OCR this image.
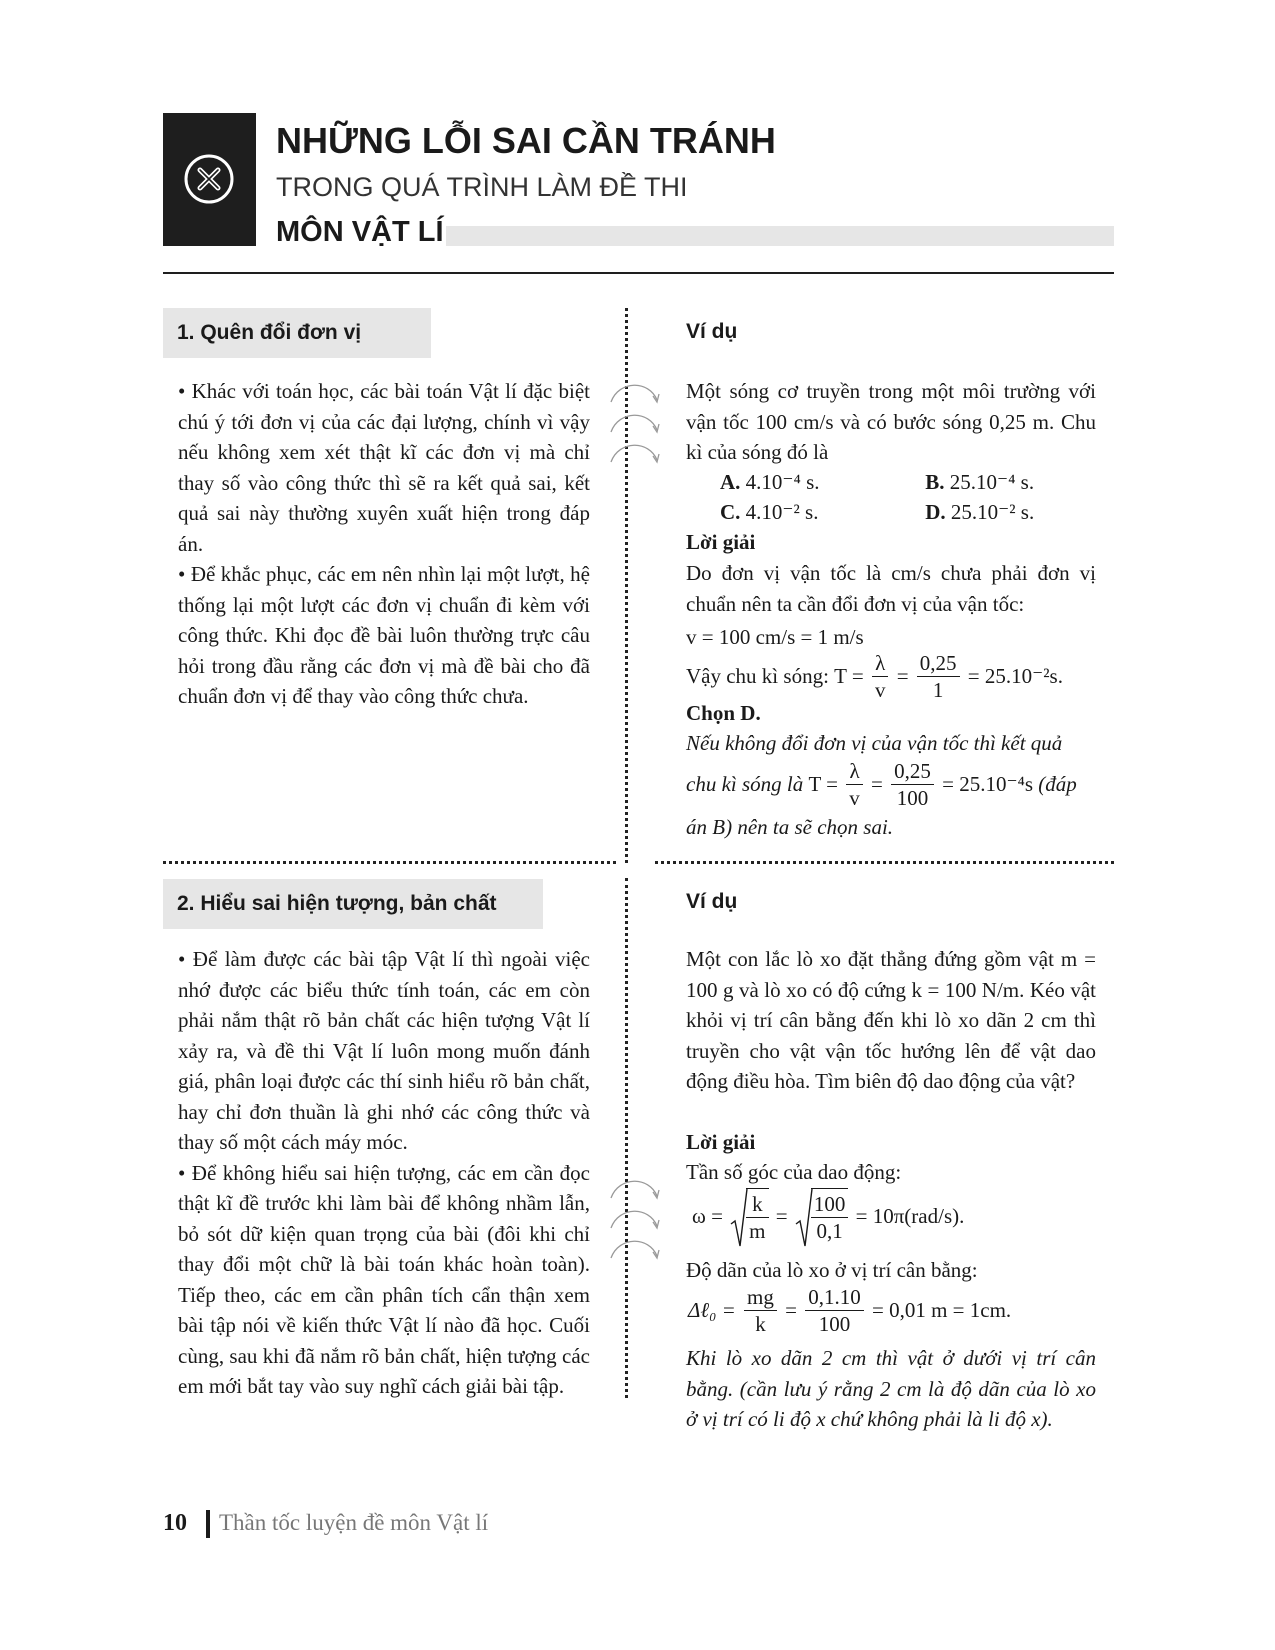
NHỮNG LỖI SAI CẦN TRÁNH
TRONG QUÁ TRÌNH LÀM ĐỀ THI
MÔN VẬT LÍ
1. Quên đổi đơn vị

• Khác với toán học, các bài toán Vật lí đặc biệt chú ý tới đơn vị của các đại lượng, chính vì vậy nếu không xem xét thật kĩ các đơn vị mà chỉ thay số vào công thức thì sẽ ra kết quả sai, kết quả sai này thường xuyên xuất hiện trong đáp án.

• Để khắc phục, các em nên nhìn lại một lượt, hệ thống lại một lượt các đơn vị chuẩn đi kèm với công thức. Khi đọc đề bài luôn thường trực câu hỏi trong đầu rằng các đơn vị mà đề bài cho đã chuẩn đơn vị để thay vào công thức chưa.

Ví dụ
Một sóng cơ truyền trong một môi trường với vận tốc 100 cm/s và có bước sóng 0,25 m. Chu kì của sóng đó là
A. 4.10⁻⁴ s.	B. 25.10⁻⁴ s.
C. 4.10⁻² s.	D. 25.10⁻² s.
Lời giải
Do đơn vị vận tốc là cm/s chưa phải đơn vị chuẩn nên ta cần đổi đơn vị của vận tốc:
v = 100 cm/s = 1 m/s
Vậy chu kì sóng: $T = \frac{\lambda}{v} = \frac{0,25}{1} = 25.10^{-2}s$.
Chọn D.
Nếu không đổi đơn vị của vận tốc thì kết quả
chu kì sóng là $T = \frac{\lambda}{v} = \frac{0,25}{100} = 25.10^{-4}s$ (đáp
án B) nên ta sẽ chọn sai.
2. Hiểu sai hiện tượng, bản chất

• Để làm được các bài tập Vật lí thì ngoài việc nhớ được các biểu thức tính toán, các em còn phải nắm thật rõ bản chất các hiện tượng Vật lí xảy ra, và đề thi Vật lí luôn mong muốn đánh giá, phân loại được các thí sinh hiểu rõ bản chất, hay chỉ đơn thuần là ghi nhớ các công thức và thay số một cách máy móc.

• Để không hiểu sai hiện tượng, các em cần đọc thật kĩ đề trước khi làm bài để không nhầm lẫn, bỏ sót dữ kiện quan trọng của bài (đôi khi chỉ thay đổi một chữ là bài toán khác hoàn toàn). Tiếp theo, các em cần phân tích cẩn thận xem bài tập nói về kiến thức Vật lí nào đã học. Cuối cùng, sau khi đã nắm rõ bản chất, hiện tượng các em mới bắt tay vào suy nghĩ cách giải bài tập.

Ví dụ
Một con lắc lò xo đặt thẳng đứng gồm vật m = 100 g và lò xo có độ cứng k = 100 N/m. Kéo vật khỏi vị trí cân bằng đến khi lò xo dãn 2 cm thì truyền cho vật vận tốc hướng lên để vật dao động điều hòa. Tìm biên độ dao động của vật?
Lời giải
Tần số góc của dao động:
$\omega = \frac{k}{m} = \frac{100}{0,1} = 10\pi(rad/s)$.
Độ dãn của lò xo ở vị trí cân bằng:
Δℓ₀ = $\frac{mg}{k} = \frac{0,1.10}{100} = 0,01$ m = 1cm.
Khi lò xo dãn 2 cm thì vật ở dưới vị trí cân bằng. (cần lưu ý rằng 2 cm là độ dãn của lò xo ở vị trí có li độ x chứ không phải là li độ x).
10 Thần tốc luyện đề môn Vật lí
